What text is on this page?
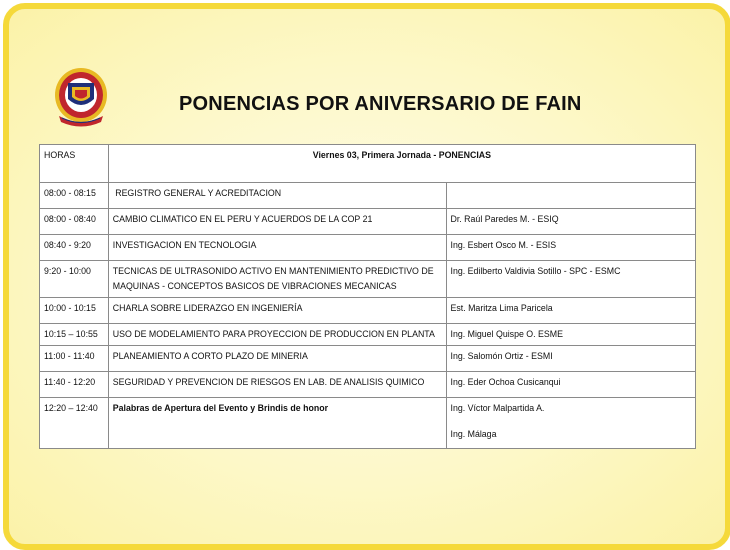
PONENCIAS POR ANIVERSARIO DE FAIN
HORAS	Viernes 03, Primera Jornada - PONENCIAS	
08:00 - 08:15	REGISTRO GENERAL Y ACREDITACION	
08:00 - 08:40	CAMBIO CLIMATICO EN EL PERU Y ACUERDOS DE LA COP 21	Dr. Raúl Paredes M. - ESIQ
08:40 - 9:20	INVESTIGACION EN TECNOLOGIA	Ing. Esbert Osco M. - ESIS
9:20 - 10:00	TECNICAS DE ULTRASONIDO ACTIVO EN MANTENIMIENTO PREDICTIVO DE MAQUINAS - CONCEPTOS BASICOS DE VIBRACIONES MECANICAS	Ing. Edilberto Valdivia Sotillo - SPC - ESMC
10:00 - 10:15	CHARLA SOBRE LIDERAZGO EN INGENIERÍA	Est. Maritza Lima Paricela
10:15 – 10:55	USO DE MODELAMIENTO PARA PROYECCION DE PRODUCCION EN PLANTA	Ing. Miguel Quispe O. ESME
11:00 - 11:40	PLANEAMIENTO A CORTO PLAZO DE MINERIA	Ing. Salomón Ortiz - ESMI
11:40 - 12:20	SEGURIDAD Y PREVENCION DE RIESGOS EN LAB. DE ANALISIS QUIMICO	Ing. Eder Ochoa Cusicanqui
12:20 – 12:40	Palabras de Apertura del Evento y Brindis de honor	Ing. Víctor Malpartida A.
Ing. Málaga
